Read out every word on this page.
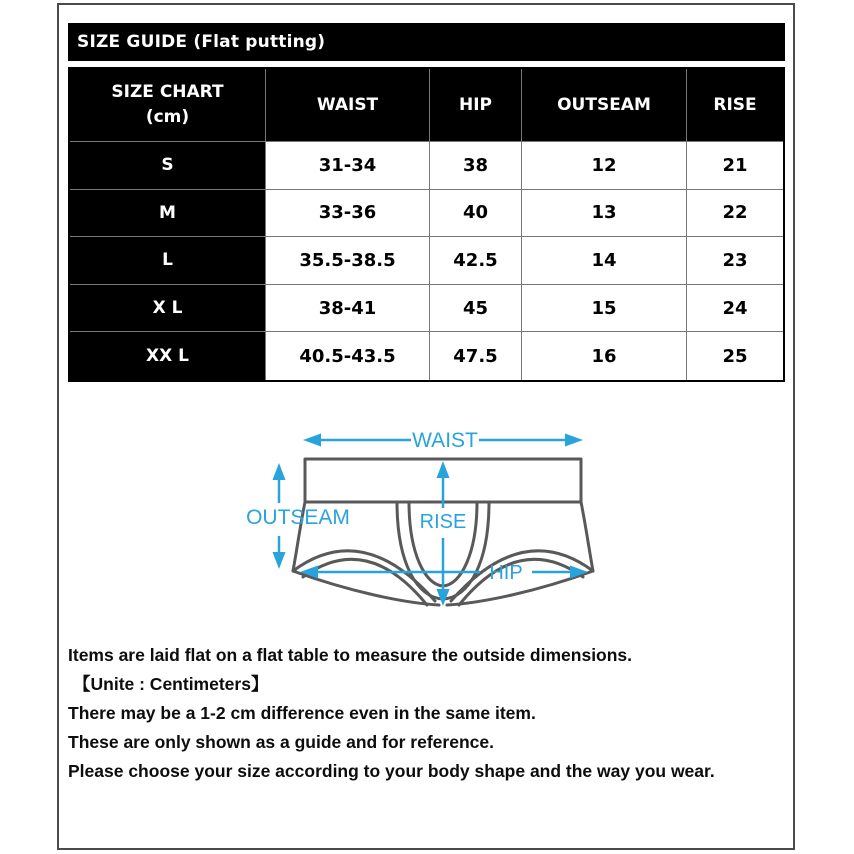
SIZE GUIDE (Flat putting)
SIZE CHART
(cm)
WAIST	HIP	OUTSEAM	RISE
S	31-34	38	12	21
M	33-36	40	13	22
L	35.5-38.5	42.5	14	23
X L	38-41	45	15	24
XX L	40.5-43.5	47.5	16	25
WAIST
OUTSEAM	RISE
HIP
Items are laid flat on a flat table to measure the outside dimensions.
【Unite : Centimeters】
There may be a 1-2 cm difference even in the same item.
These are only shown as a guide and for reference.
Please choose your size according to your body shape and the way you wear.
